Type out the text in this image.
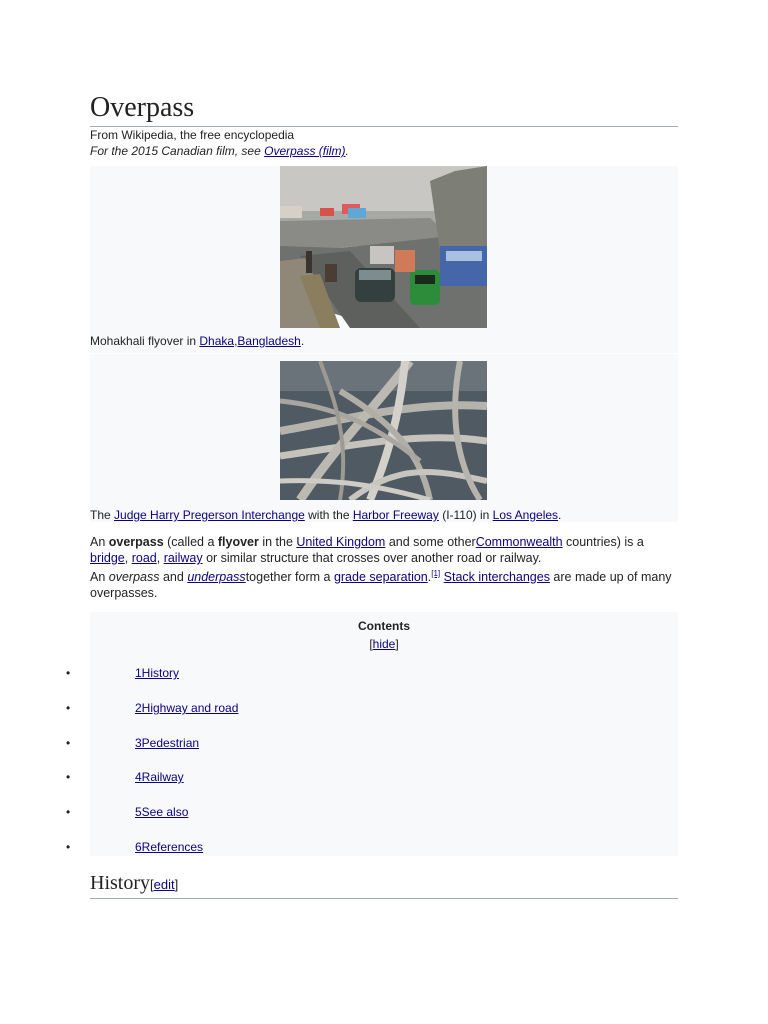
Overpass
From Wikipedia, the free encyclopedia
For the 2015 Canadian film, see Overpass (film).
Mohakhali flyover in Dhaka,Bangladesh.
The Judge Harry Pregerson Interchange with the Harbor Freeway (I-110) in Los Angeles.

An overpass (called a flyover in the United Kingdom and some otherCommonwealth countries) is a bridge, road, railway or similar structure that crosses over another road or railway.

An overpass and underpasstogether form a grade separation.[1] Stack interchanges are made up of many overpasses.

Contents
[hide]
•	1History
•	2Highway and road
•	3Pedestrian
•	4Railway
•	5See also
•	6References
History[edit]
